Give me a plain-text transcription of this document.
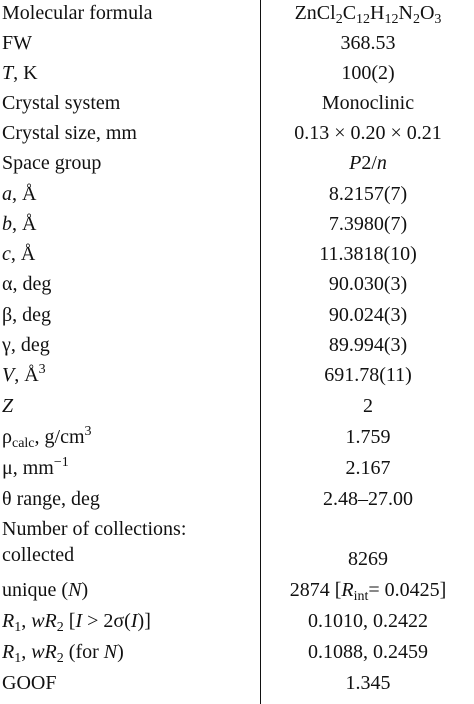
Molecular formula	$ZnCl_2C_{12}H_{12}N_2O_3$
FW	368.53
T, K	100(2)
Crystal system	Monoclinic
Crystal size, mm	0.13 × 0.20 × 0.21
Space group	P2/n
a, Å	8.2157(7)
b, Å	7.3980(7)
c, Å	11.3818(10)
α, deg	90.030(3)
β, deg	90.024(3)
γ, deg	89.994(3)
V, $Å^3$	691.78(11)
Z	2
$\rho_{calc}$, $g/cm^3$	1.759
μ, $mm^{-1}$	2.167
θ range, deg	2.48–27.00
Number of collections: collected	8269
unique (N)	2874 $[R_{int}= 0.0425]$
$R_1$, $wR_2$ [I > 2σ(I)]	0.1010, 0.2422
$R_1$, $wR_2$ (for N)	0.1088, 0.2459
GOOF	1.345
